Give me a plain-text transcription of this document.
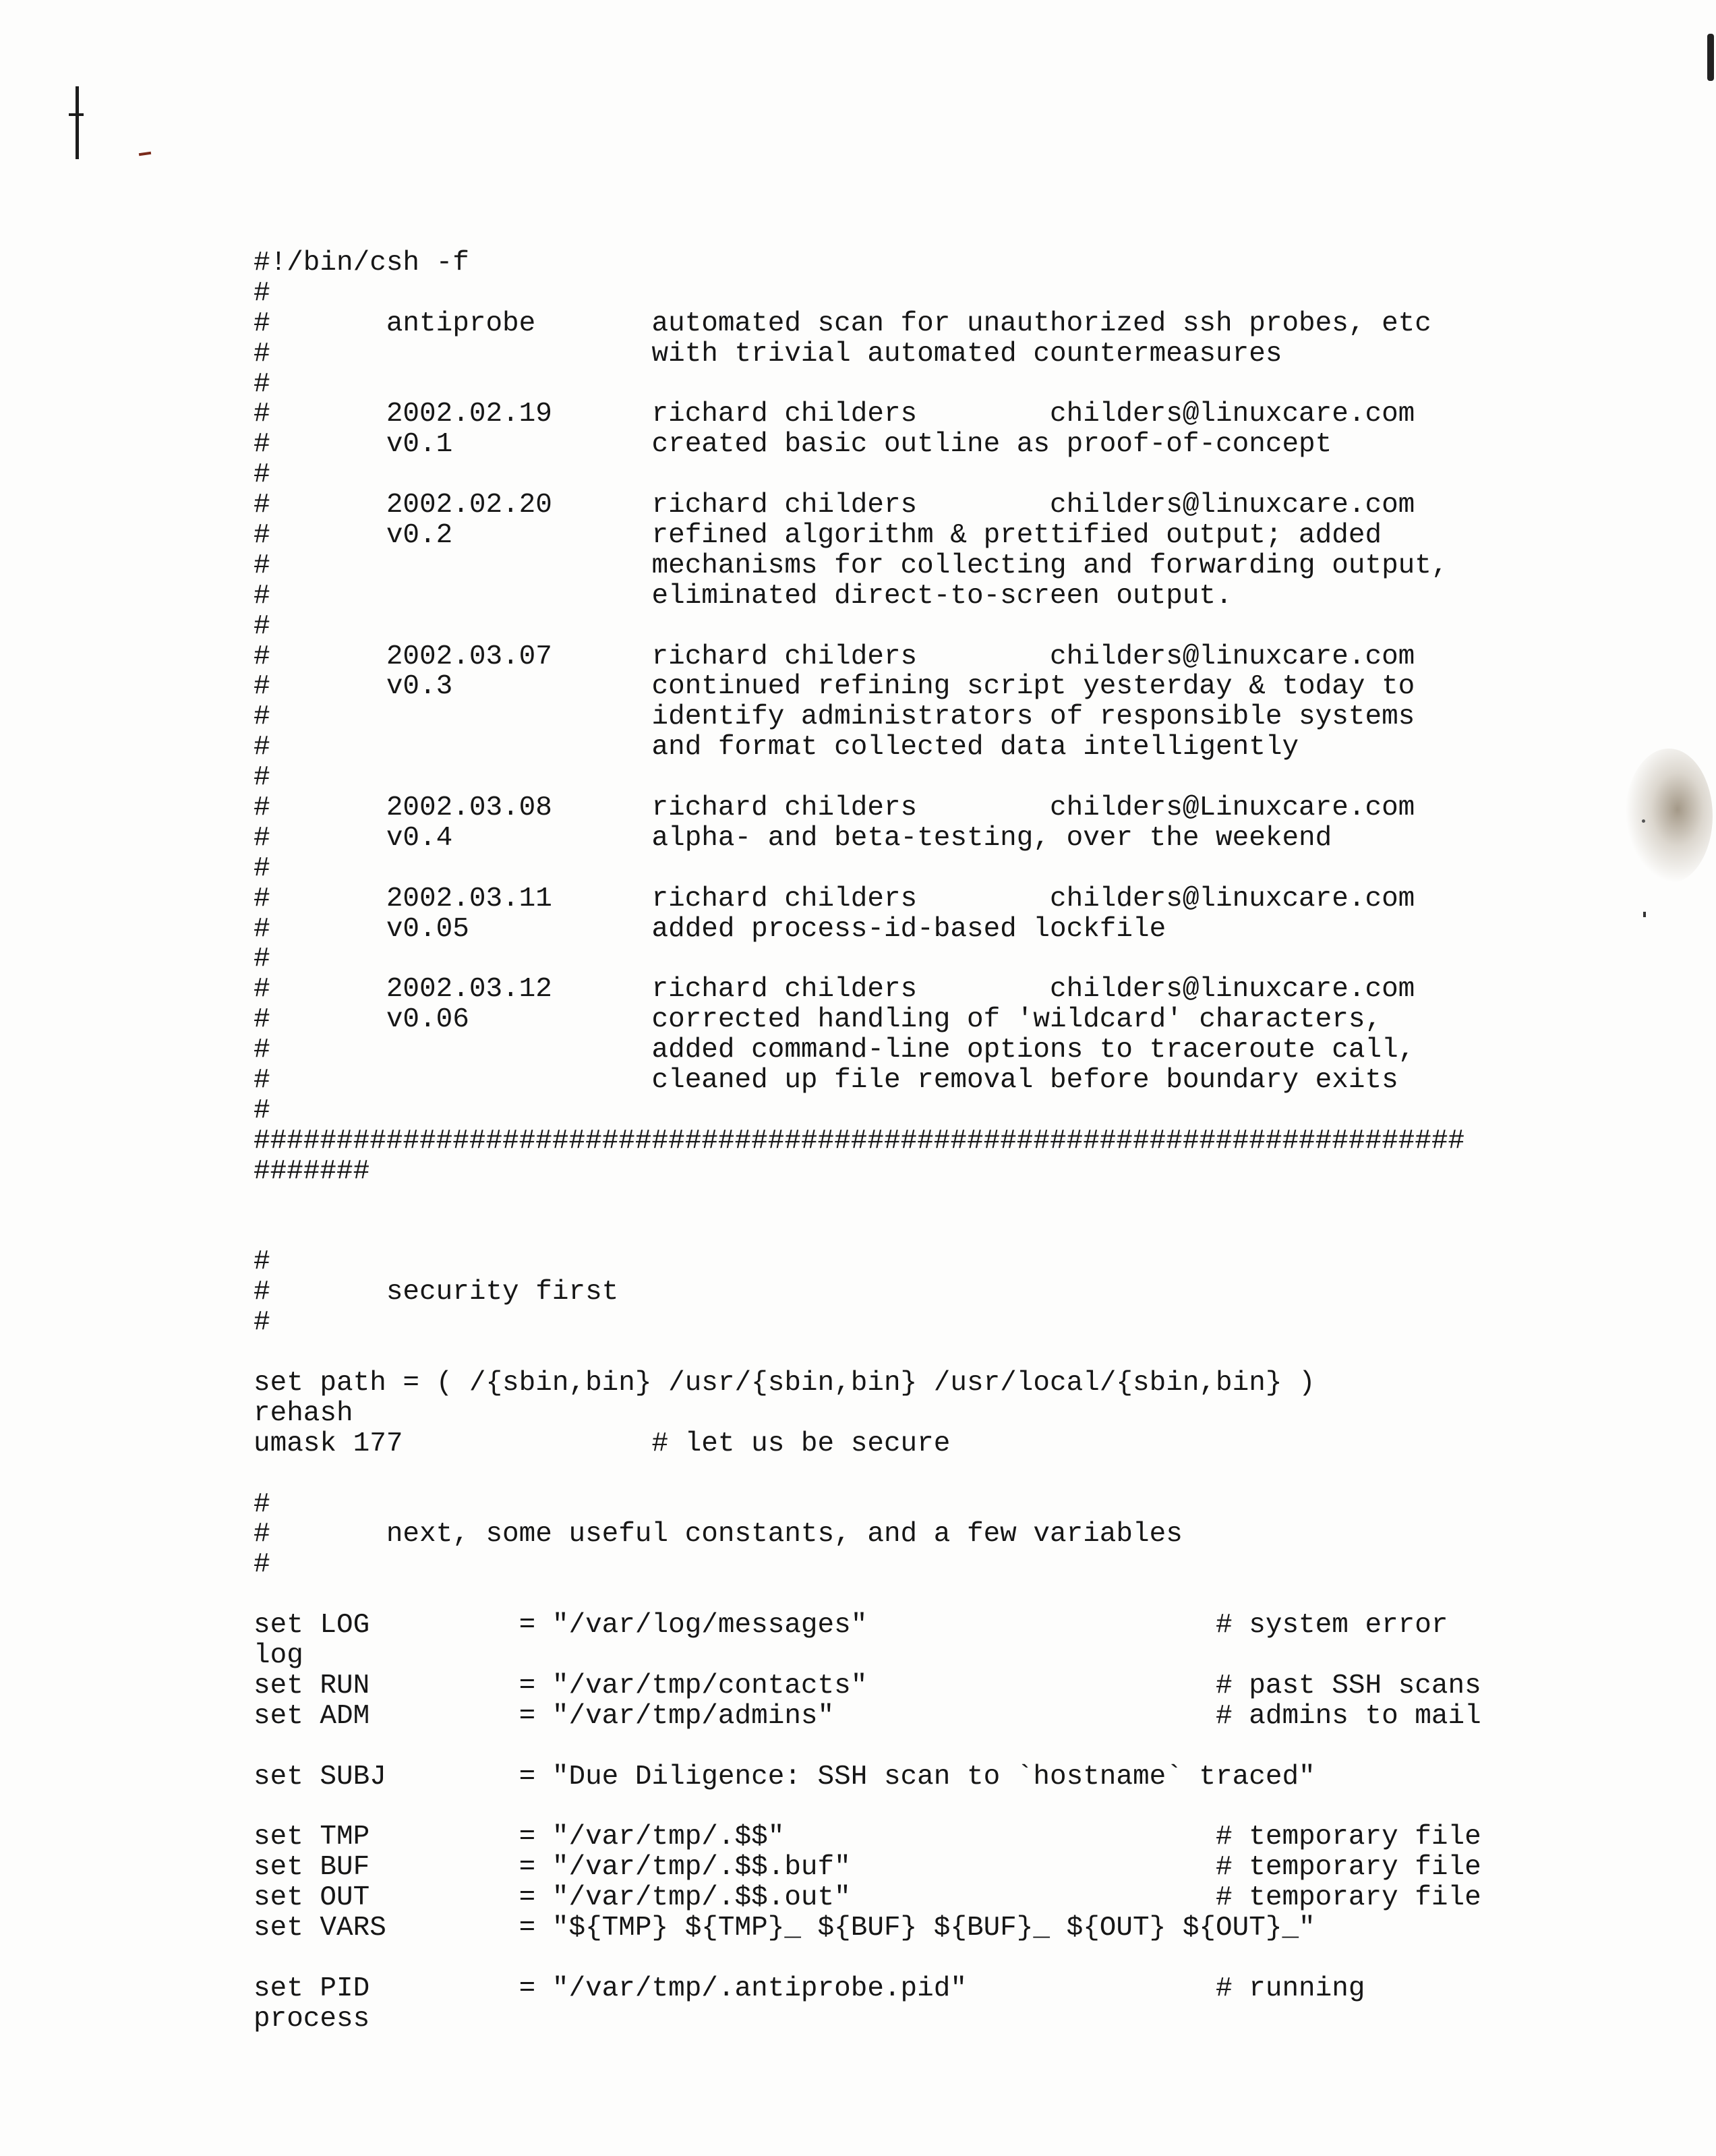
#!/bin/csh -f
#
#       antiprobe       automated scan for unauthorized ssh probes, etc
#                       with trivial automated countermeasures
#
#       2002.02.19      richard childers        childers@linuxcare.com
#       v0.1            created basic outline as proof-of-concept
#
#       2002.02.20      richard childers        childers@linuxcare.com
#       v0.2            refined algorithm & prettified output; added
#                       mechanisms for collecting and forwarding output,
#                       eliminated direct-to-screen output.
#
#       2002.03.07      richard childers        childers@linuxcare.com
#       v0.3            continued refining script yesterday & today to
#                       identify administrators of responsible systems
#                       and format collected data intelligently
#
#       2002.03.08      richard childers        childers@Linuxcare.com
#       v0.4            alpha- and beta-testing, over the weekend
#
#       2002.03.11      richard childers        childers@linuxcare.com
#       v0.05           added process-id-based lockfile
#
#       2002.03.12      richard childers        childers@linuxcare.com
#       v0.06           corrected handling of 'wildcard' characters,
#                       added command-line options to traceroute call,
#                       cleaned up file removal before boundary exits
#
#########################################################################
#######
#
#       security first
#
set path = ( /{sbin,bin} /usr/{sbin,bin} /usr/local/{sbin,bin} )
rehash
umask 177               # let us be secure
#
#       next, some useful constants, and a few variables
#
set LOG         = "/var/log/messages"                     # system error
log
set RUN         = "/var/tmp/contacts"                     # past SSH scans
set ADM         = "/var/tmp/admins"                       # admins to mail
set SUBJ        = "Due Diligence: SSH scan to `hostname` traced"
set TMP         = "/var/tmp/.$$"                          # temporary file
set BUF         = "/var/tmp/.$$.buf"                      # temporary file
set OUT         = "/var/tmp/.$$.out"                      # temporary file
set VARS        = "${TMP} ${TMP}_ ${BUF} ${BUF}_ ${OUT} ${OUT}_"
set PID         = "/var/tmp/.antiprobe.pid"               # running
process
